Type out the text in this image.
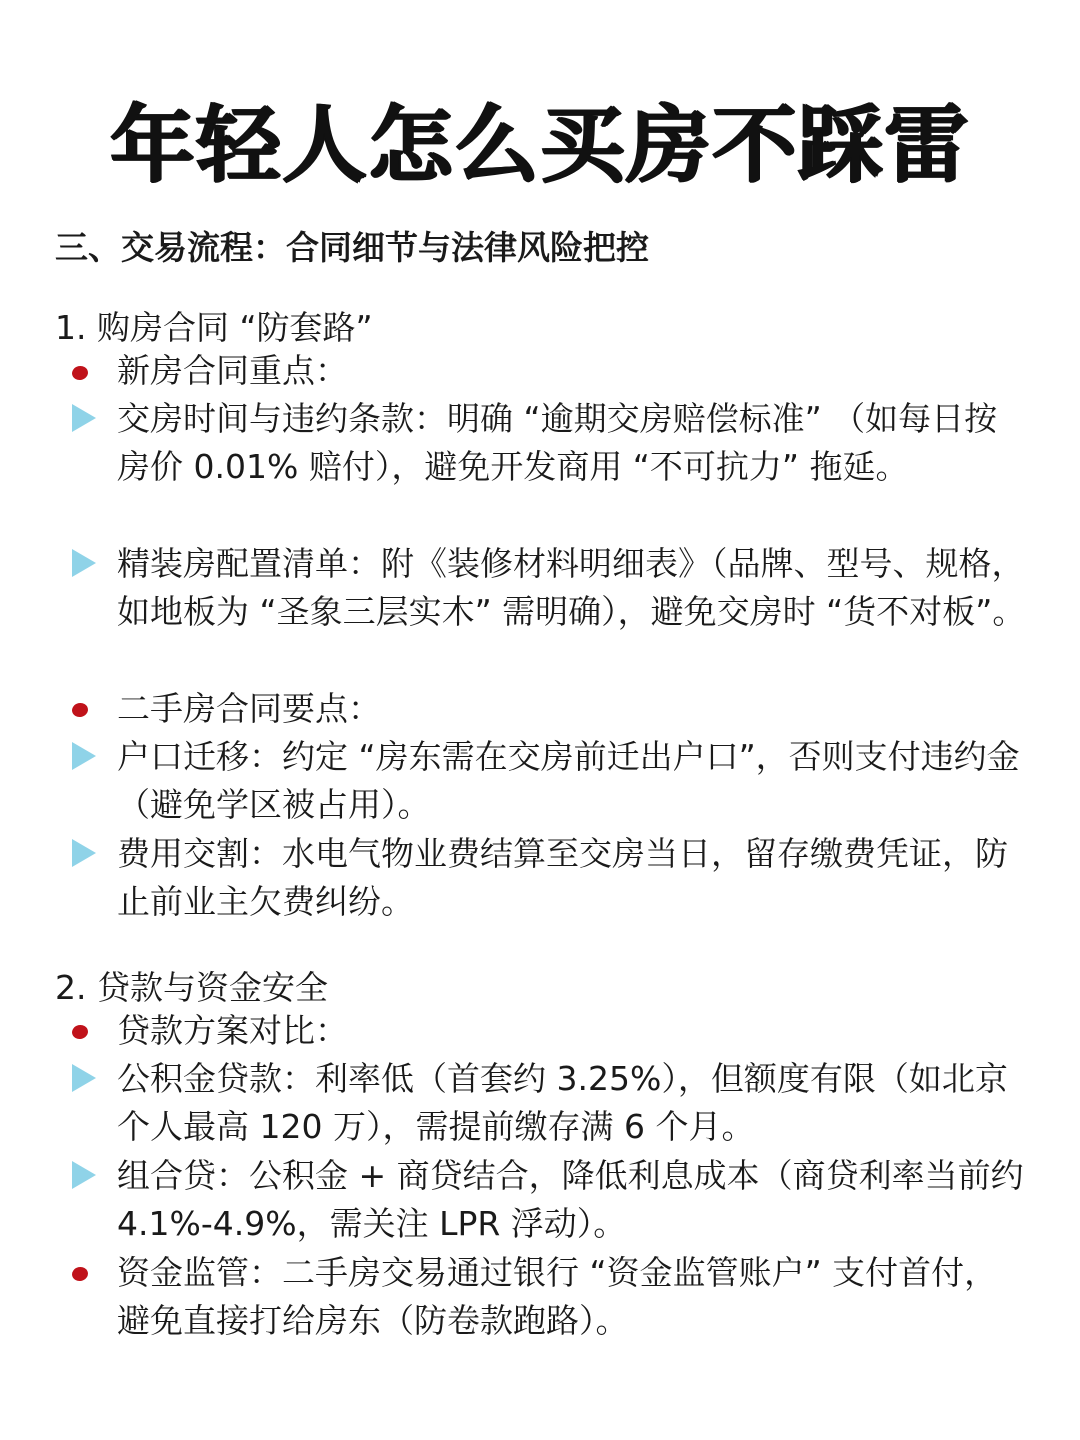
年轻人怎么买房不踩雷
三、交易流程：合同细节与法律风险把控
1. 购房合同 “防套路”
新房合同重点：
交房时间与违约条款：明确 “逾期交房赔偿标准” （如每日按房价 0.01% 赔付），避免开发商用 “不可抗力” 拖延。
精装房配置清单：附《装修材料明细表》（品牌、型号、规格，如地板为 “圣象三层实木” 需明确），避免交房时 “货不对板”。
二手房合同要点：
户口迁移：约定 “房东需在交房前迁出户口”，否则支付违约金（避免学区被占用）。
费用交割：水电气物业费结算至交房当日，留存缴费凭证，防止前业主欠费纠纷。
2. 贷款与资金安全
贷款方案对比：
公积金贷款：利率低（首套约 3.25%），但额度有限（如北京个人最高 120 万），需提前缴存满 6 个月。
组合贷：公积金 + 商贷结合，降低利息成本（商贷利率当前约 4.1%-4.9%，需关注 LPR 浮动）。
资金监管：二手房交易通过银行 “资金监管账户” 支付首付，避免直接打给房东（防卷款跑路）。
